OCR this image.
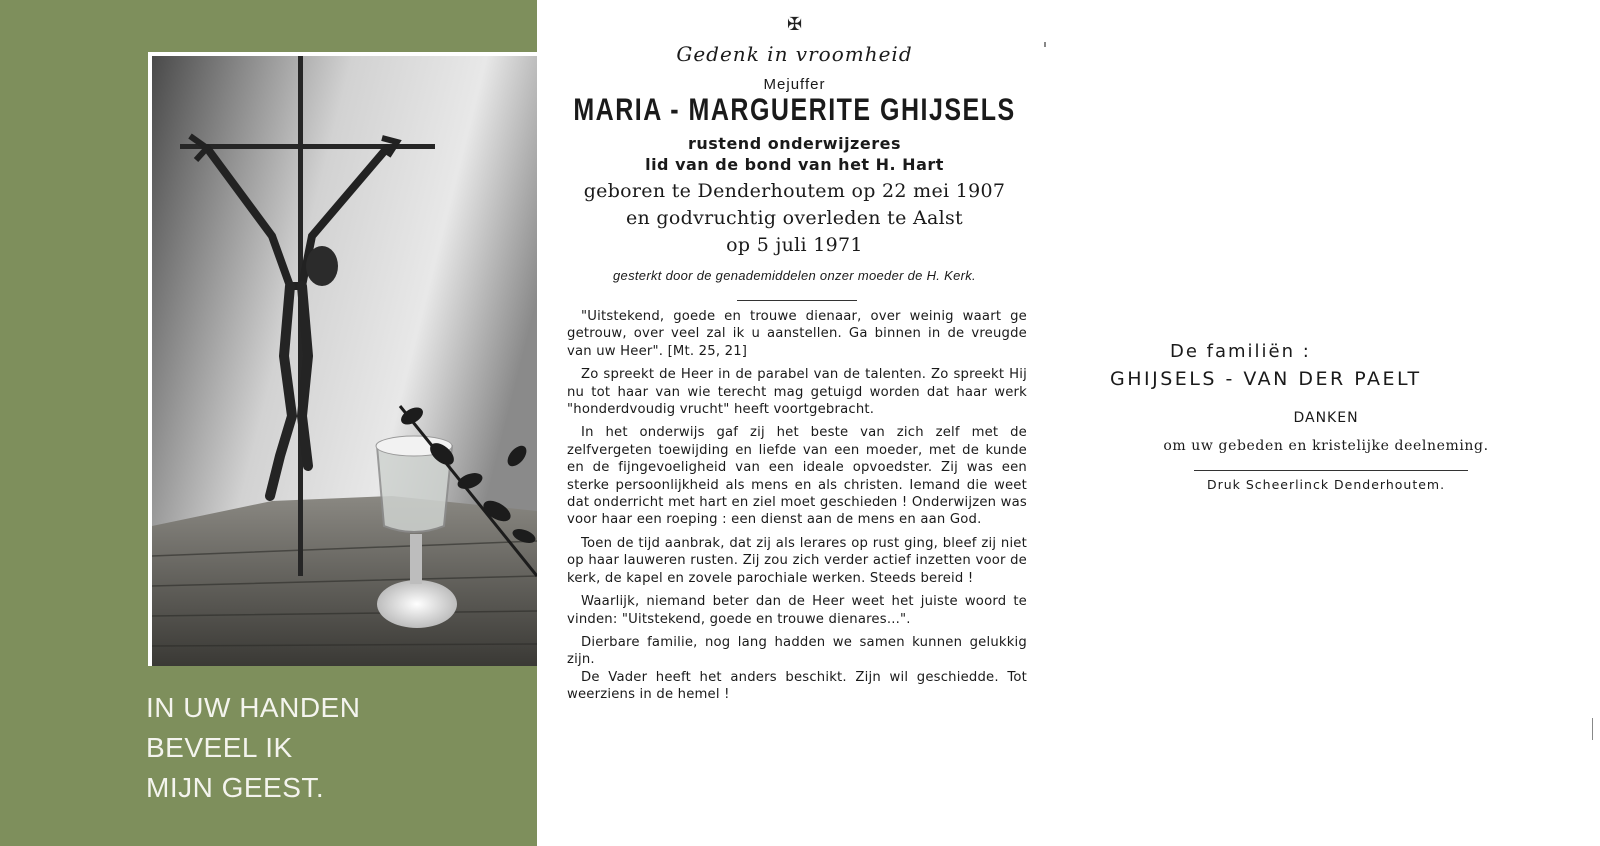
IN UW HANDEN
BEVEEL IK
MIJN GEEST.
✠
Gedenk in vroomheid
Mejuffer
MARIA - MARGUERITE GHIJSELS
rustend onderwijzeres
lid van de bond van het H. Hart
geboren te Denderhoutem op 22 mei 1907
en godvruchtig overleden te Aalst
op 5 juli 1971
gesterkt door de genademiddelen onzer moeder de H. Kerk.

"Uitstekend, goede en trouwe dienaar, over weinig waart ge getrouw, over veel zal ik u aanstellen. Ga binnen in de vreugde van uw Heer". [Mt. 25, 21]

Zo spreekt de Heer in de parabel van de talenten. Zo spreekt Hij nu tot haar van wie terecht mag getuigd worden dat haar werk "honderdvoudig vrucht" heeft voortgebracht.

In het onderwijs gaf zij het beste van zich zelf met de zelfvergeten toewijding en liefde van een moeder, met de kunde en de fijngevoeligheid van een ideale opvoedster. Zij was een sterke persoonlijkheid als mens en als christen. Iemand die weet dat onderricht met hart en ziel moet geschieden ! Onderwijzen was voor haar een roeping : een dienst aan de mens en aan God.

Toen de tijd aanbrak, dat zij als lerares op rust ging, bleef zij niet op haar lauweren rusten. Zij zou zich verder actief inzetten voor de kerk, de kapel en zovele parochiale werken. Steeds bereid !

Waarlijk, niemand beter dan de Heer weet het juiste woord te vinden: "Uitstekend, goede en trouwe dienares...".

Dierbare familie, nog lang hadden we samen kunnen gelukkig zijn.

De Vader heeft het anders beschikt. Zijn wil geschiedde. Tot weerziens in de hemel !

De familiën :
GHIJSELS - VAN DER PAELT
DANKEN
om uw gebeden en kristelijke deelneming.
Druk Scheerlinck Denderhoutem.
